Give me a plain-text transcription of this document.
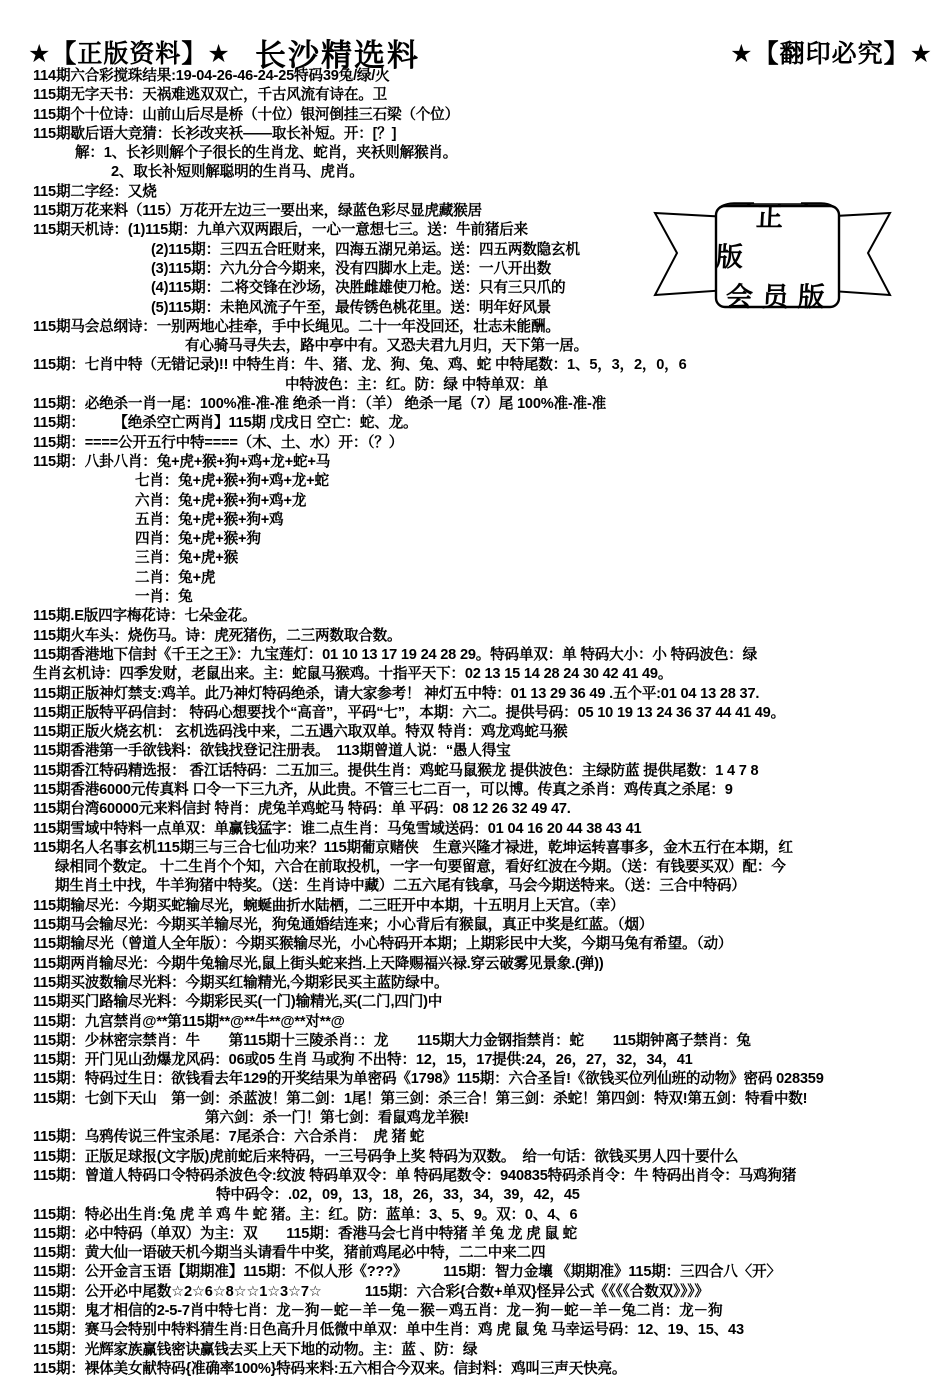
★【正版资料】★ 长沙精选料	★【翻印必究】★
114期六合彩搅珠结果:19-04-26-46-24-25特码39兔/绿/火
115期无字天书：天祸难逃双双亡，千古风流有诗在。卫
115期个十位诗：山前山后尽是桥（十位）银河倒挂三石梁（个位）
115期歇后语大竞猜：长衫改夹袄——取长补短。开：[？]
解：1、长衫则解个子很长的生肖龙、蛇肖，夹袄则解猴肖。
2、取长补短则解聪明的生肖马、虎肖。
115期二字经：又烧
115期万花来料（115）万花开左边三一要出来，绿蓝色彩尽显虎藏猴居
115期天机诗：(1)115期：九单六双两跟后，一心一意想七三。送：牛前猪后来
(2)115期：三四五合旺财来，四海五湖兄弟运。送：四五两数隐玄机
(3)115期：六九分合今期来，没有四脚水上走。送：一八开出数
(4)115期：二将交锋在沙场，决胜雌雄使刀枪。送：只有三只爪的
(5)115期：未艳风流子午至，最传锈色桃花里。送：明年好风景
115期马会总纲诗：一别两地心挂牵，手中长绳见。二十一年没回还，壮志未能酬。
有心骑马寻失去，路中亭中有。又恐夫君九月归，天下第一居。
115期：七肖中特（无错记录)!! 中特生肖：牛、猪、龙、狗、兔、鸡、蛇 中特尾数：1、5，3，2，0，6
中特波色：主：红。防：绿 中特单双：单
115期：必绝杀一肖一尾：100%准-准-准 绝杀一肖：（羊） 绝杀一尾（7）尾 100%准-准-准
115期：　　　【绝杀空亡两肖】115期 戊戌日 空亡：蛇、龙。
115期：====公开五行中特====（木、土、水）开：（？）
115期：八卦八肖：兔+虎+猴+狗+鸡+龙+蛇+马
七肖：兔+虎+猴+狗+鸡+龙+蛇
六肖：兔+虎+猴+狗+鸡+龙
五肖：兔+虎+猴+狗+鸡
四肖：兔+虎+猴+狗
三肖：兔+虎+猴
二肖：兔+虎
一肖：兔
115期.E版四字梅花诗：七朵金花。
115期火车头：烧伤马。诗：虎死猪伤，二三两数取合数。
115期香港地下信封《千王之王》：九宝莲灯：01 10 13 17 19 24 28 29。特码单双：单 特码大小：小 特码波色：绿
生肖玄机诗：四季发财，老鼠出来。主：蛇鼠马猴鸡。十指平天下：02 13 15 14 28 24 30 42 41 49。
115期正版神灯禁支:鸡羊。此乃神灯特码绝杀，请大家参考！ 神灯五中特：01 13 29 36 49 .五个平:01 04 13 28 37.
115期正版特平码信封： 特码心想要找个“高音”，平码“七”，本期：六二。提供号码：05 10 19 13 24 36 37 44 41 49。
115期正版火烧玄机： 玄机选码浅中来，二五遇六取双单。特双 特肖：鸡龙鸡蛇马猴
115期香港第一手欲钱料：欲钱找登记注册表。　113期曾道人说：“愚人得宝
115期香江特码精选报： 香江话特码：二五加三。提供生肖：鸡蛇马鼠猴龙 提供波色：主绿防蓝 提供尾数：1 4 7 8
115期香港6000元传真料 口令一下三九齐，从此贵。不管三七二百一，可以博。传真之杀肖：鸡传真之杀尾：9
115期台湾60000元来料信封 特肖：虎兔羊鸡蛇马 特码：单 平码：08 12 26 32 49 47.
115期雪域中特料一点单双：单赢钱猛字：谁二点生肖：马兔雪域送码：01 04 16 20 44 38 43 41
115期名人名事玄机115期三与三合七仙功来？115期葡京赌侠　生意兴隆才禄进，乾坤运转喜事多，金木五行在本期，红
绿相同个数定。 十二生肖个个知，六合在前取投机，一字一句要留意，看好红波在今期。（送：有钱要买双）配：今
期生肖土中找，牛羊狗猪中特奖。（送：生肖诗中藏）二五六尾有钱拿，马会今期送特来。（送：三合中特码）
115期输尽光：今期买蛇输尽光，蜿蜒曲折水陆栖，二三旺开中本期，十五明月上天宫。（幸）
115期马会输尽光：今期买羊输尽光，狗兔通婚结连来；小心背后有猴鼠，真正中奖是红蓝。（烟）
115期输尽光（曾道人全年版）：今期买猴输尽光，小心特码开本期；上期彩民中大奖，今期马兔有希望。（动）
115期两肖输尽光：今期牛兔输尽光,鼠上街头蛇来挡.上天降赐福兴禄.穿云破雾见景象.(弹))
115期买波数输尽光料：今期买红输精光,今期彩民买主蓝防绿中。
115期买门路输尽光料：今期彩民买(一门)输精光,买(二门,四门)中
115期：九宫禁肖@**第115期**@**牛**@**对**@
115期：少林密宗禁肖：牛　　第115期十三陵杀肖：：龙　　115期大力金钢指禁肖：蛇　　115期钟离子禁肖：兔
115期：开门见山劲爆龙风码：06或05 生肖 马或狗 不出特：12，15，17提供:24，26，27，32，34，41
115期：特码过生日：欲钱看去年129的开奖结果为单密码《1798》115期：六合圣旨!《欲钱买位列仙班的动物》密码 028359
115期：七剑下天山　第一剑：杀蓝波！第二剑：1尾！第三剑：杀三合！第三剑：杀蛇！第四剑：特双!第五剑：特看中数!
第六剑：杀一门！第七剑：看鼠鸡龙羊猴!
115期：乌鸦传说三件宝杀尾：7尾杀合：六合杀肖：　虎 猪 蛇
115期：正版足球报(文字版)虎前蛇后来特码，一三号码争上奖 特码为双数。　给一句话：欲钱买男人四十要什么
115期：曾道人特码口令特码杀波色令:纹波 特码单双令：单 特码尾数令：940835特码杀肖令：牛 特码出肖令：马鸡狗猪
特中码令：.02，09，13，18，26，33，34，39，42，45
115期：特必出生肖:兔 虎 羊 鸡 牛 蛇 猪。主：红。防：蓝单：3、5、9。双：0、4、6
115期：必中特码（单双）为主：双　　115期：香港马会七肖中特猪 羊 兔 龙 虎 鼠 蛇
115期：黄大仙一语破天机今期当头请看牛中奖，猪前鸡尾必中特，二二中来二四
115期：公开金言玉语【期期准】115期：不似人形《???》　　　115期：智力金壤 《期期准》115期：三四合八〈开〉
115期：公开必中尾数☆2☆6☆8☆☆1☆3☆7☆　　　115期：六合彩{合数+单双}怪异公式《《《《合数双》》》》
115期：鬼才相信的2-5-7肖中特七肖：龙－狗－蛇－羊－兔－猴－鸡五肖：龙－狗－蛇－羊－兔二肖：龙－狗
115期：赛马会特别中特料猜生肖:日色高升月低微中单双：单中生肖：鸡 虎 鼠 兔 马幸运号码：12、19、15、43
115期：光辉家族赢钱密诀赢钱去买上天下地的动物。主：蓝 、防：绿
115期：裸体美女献特码{准确率100%}特码来料:五六相合今双来。信封料：鸡叫三声天快亮。
正版
会员版
